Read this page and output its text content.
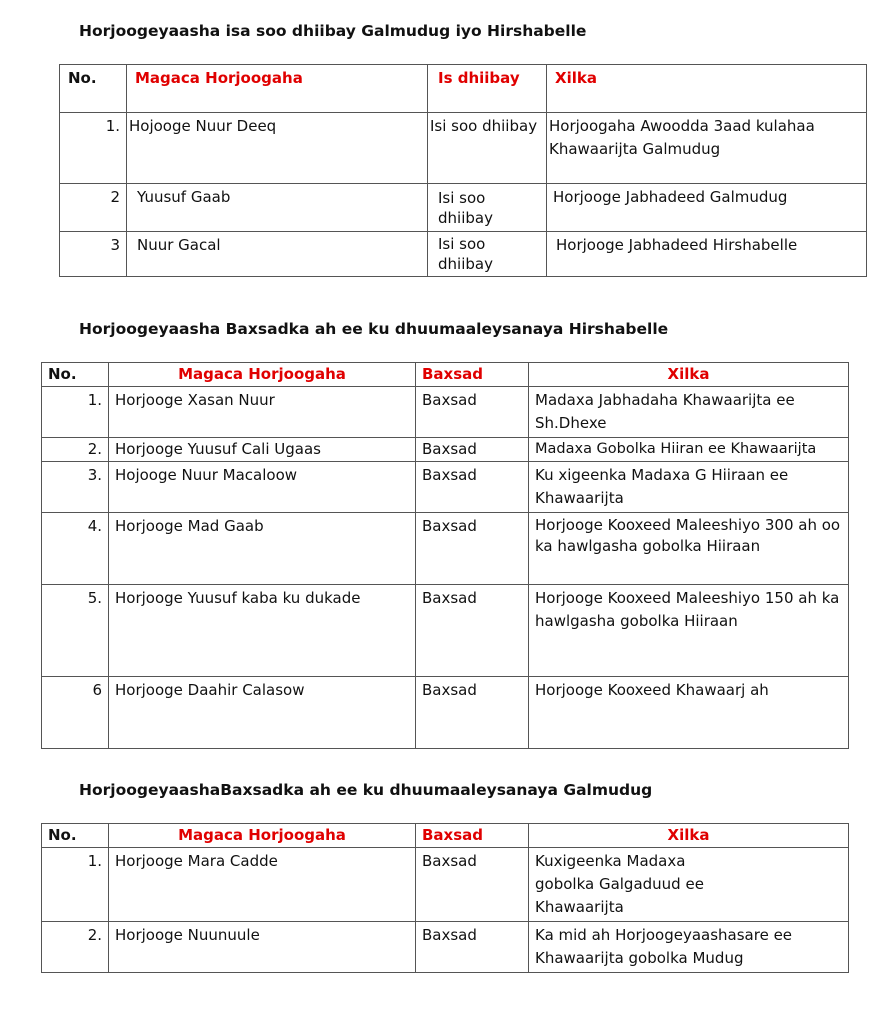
Horjoogeyaasha isa soo dhiibay Galmudug iyo Hirshabelle
No.	Magaca Horjoogaha	Is dhiibay	Xilka
1.	Hojooge Nuur Deeq	Isi soo dhiibay	Horjoogaha Awoodda 3aad kulahaa Khawaarijta Galmudug
2	Yuusuf Gaab	Isi soo dhiibay	Horjooge Jabhadeed Galmudug
3	Nuur Gacal	Isi soo dhiibay	Horjooge Jabhadeed Hirshabelle
Horjoogeyaasha Baxsadka ah ee ku dhuumaaleysanaya Hirshabelle
No.	Magaca Horjoogaha	Baxsad	Xilka
1.	Horjooge Xasan Nuur	Baxsad	Madaxa Jabhadaha Khawaarijta ee Sh.Dhexe
2.	Horjooge Yuusuf Cali Ugaas	Baxsad	Madaxa Gobolka Hiiran ee Khawaarijta
3.	Hojooge Nuur Macaloow	Baxsad	Ku xigeenka Madaxa G Hiiraan ee Khawaarijta
4.	Horjooge Mad Gaab	Baxsad	Horjooge Kooxeed Maleeshiyo 300 ah oo ka hawlgasha gobolka Hiiraan
5.	Horjooge Yuusuf kaba ku dukade	Baxsad	Horjooge Kooxeed Maleeshiyo 150 ah ka hawlgasha gobolka Hiiraan
6	Horjooge Daahir Calasow	Baxsad	Horjooge Kooxeed Khawaarj ah
HorjoogeyaashaBaxsadka ah ee ku dhuumaaleysanaya Galmudug
No.	Magaca Horjoogaha	Baxsad	Xilka
1.	Horjooge Mara Cadde	Baxsad	Kuxigeenka Madaxa gobolka Galgaduud ee Khawaarijta
2.	Horjooge Nuunuule	Baxsad	Ka mid ah Horjoogeyaashasare ee Khawaarijta gobolka Mudug
